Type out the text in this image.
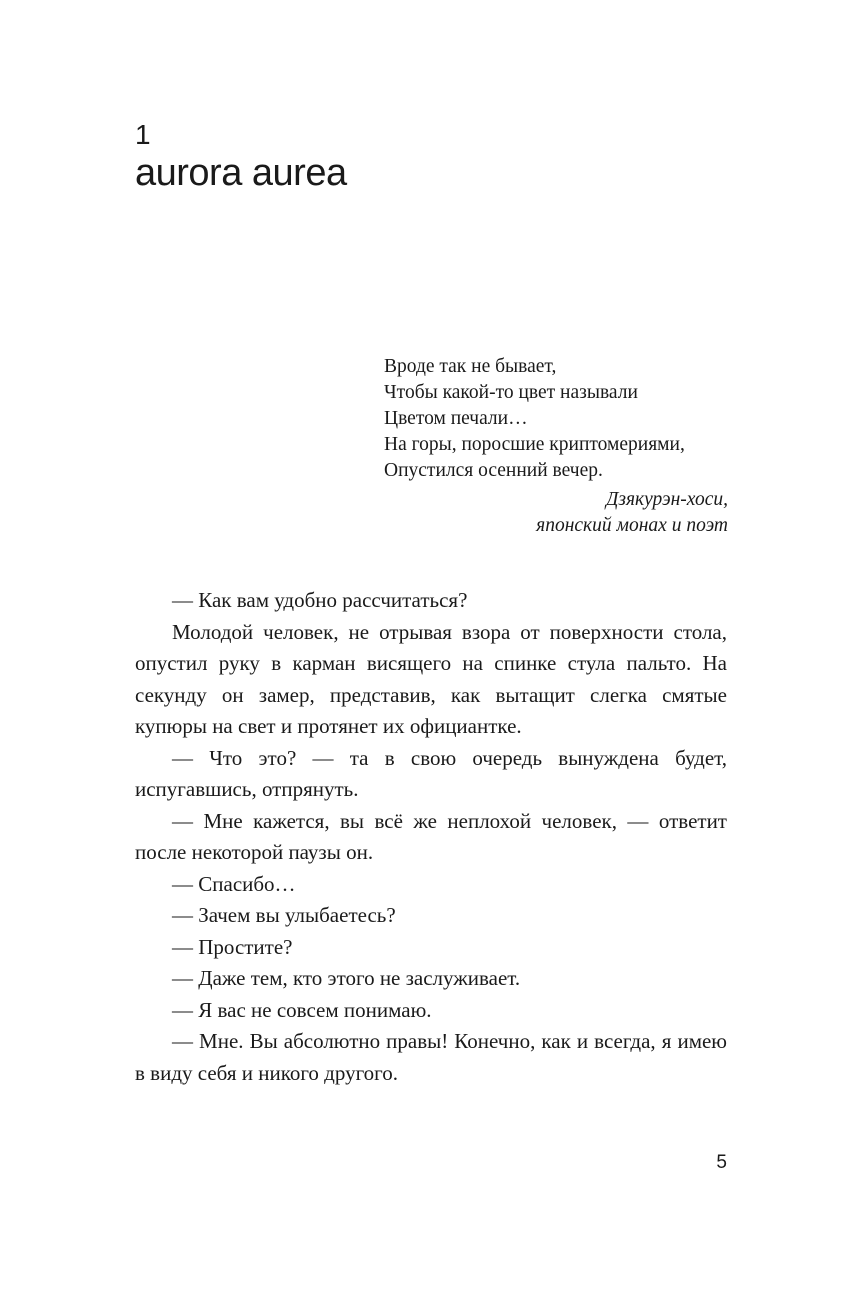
1
aurora aurea
Вроде так не бывает,
Чтобы какой-то цвет называли
Цветом печали…
На горы, поросшие криптомериями,
Опустился осенний вечер.
Дзякурэн-хоси,
японский монах и поэт

— Как вам удобно рассчитаться?

Молодой человек, не отрывая взора от поверхности стола, опустил руку в карман висящего на спинке стула пальто. На секунду он замер, представив, как вытащит слегка смятые купюры на свет и протянет их официантке.

— Что это? — та в свою очередь вынуждена будет, испугавшись, отпрянуть.

— Мне кажется, вы всё же неплохой человек, — ответит после некоторой паузы он.

— Спасибо…

— Зачем вы улыбаетесь?

— Простите?

— Даже тем, кто этого не заслуживает.

— Я вас не совсем понимаю.

— Мне. Вы абсолютно правы! Конечно, как и всегда, я имею в виду себя и никого другого.

5
